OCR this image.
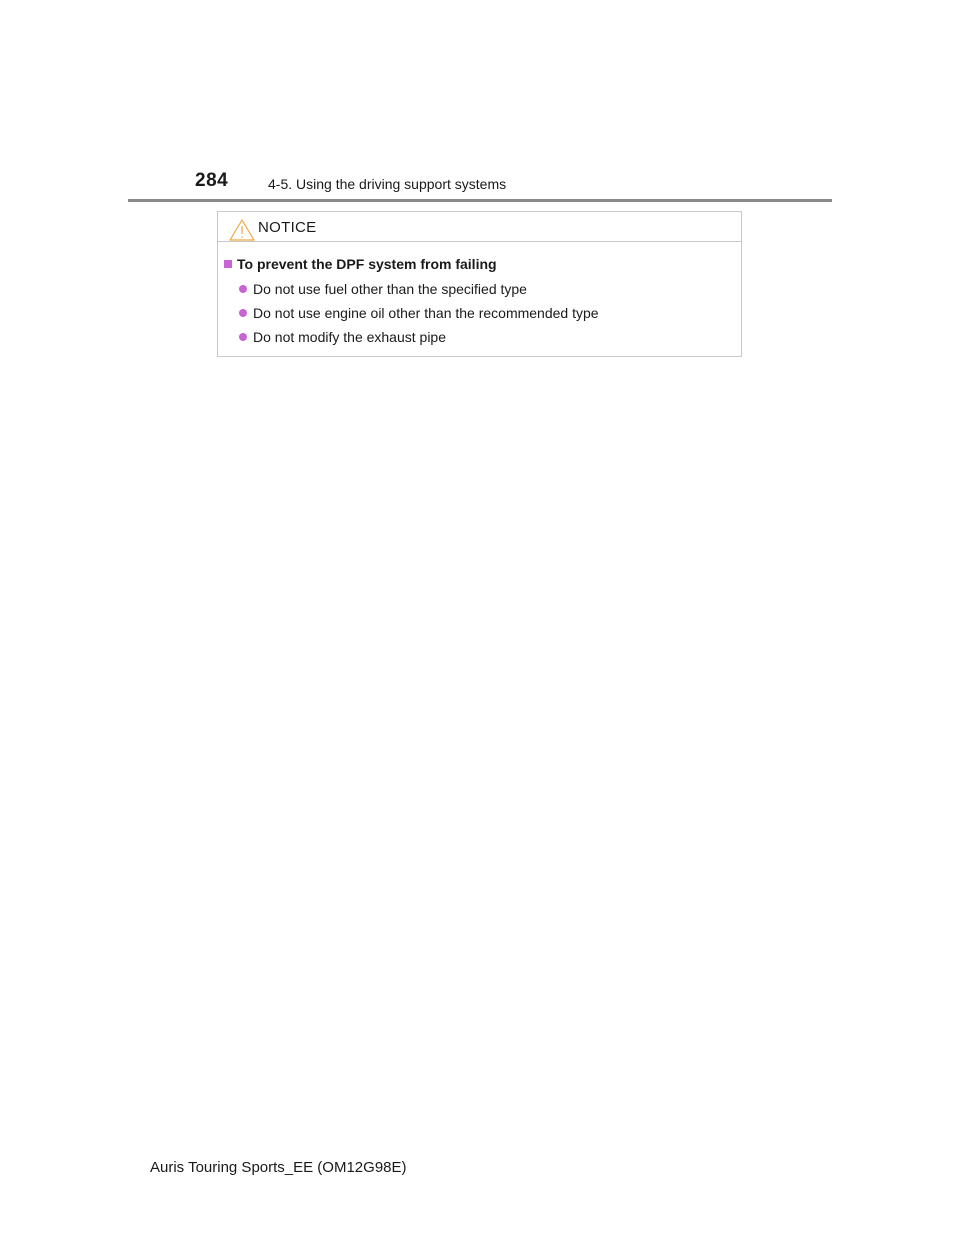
284	4-5. Using the driving support systems
NOTICE
To prevent the DPF system from failing
Do not use fuel other than the specified type
Do not use engine oil other than the recommended type
Do not modify the exhaust pipe
Auris Touring Sports_EE (OM12G98E)
